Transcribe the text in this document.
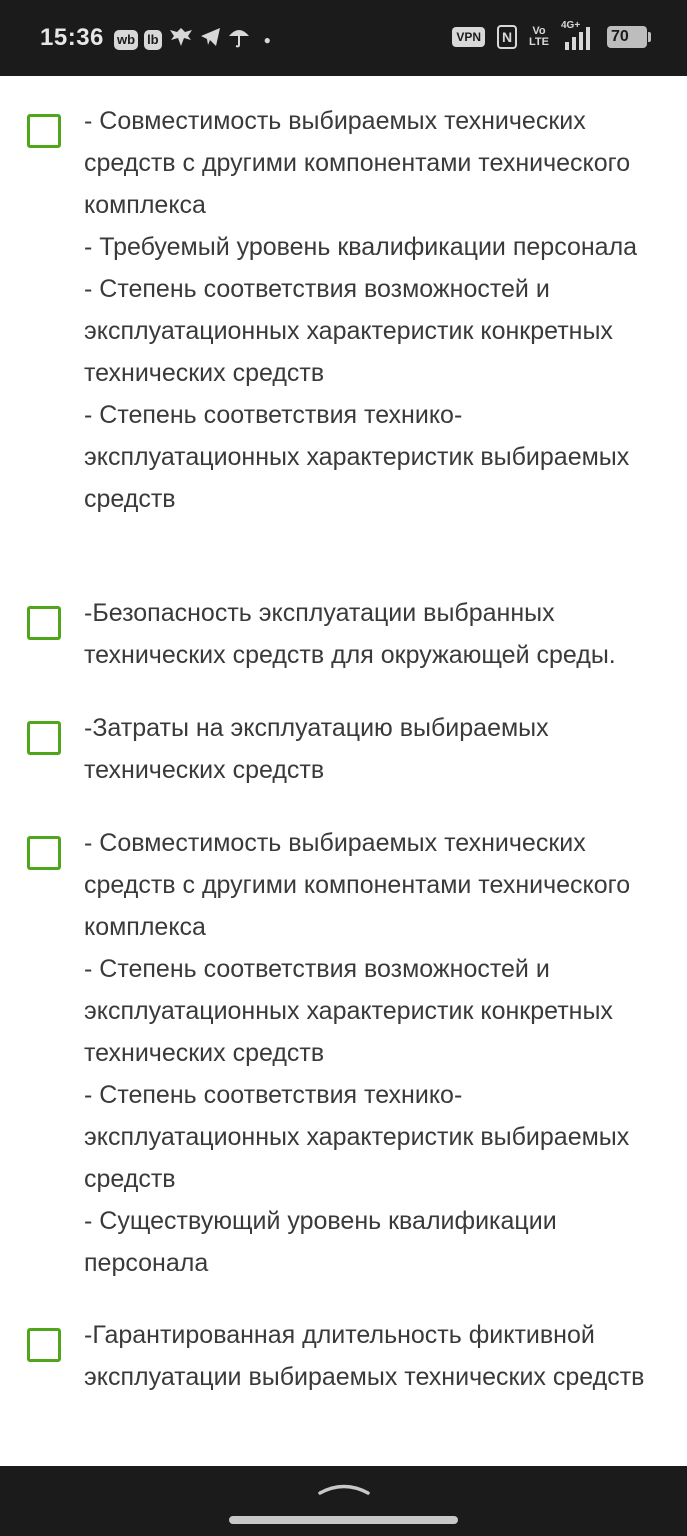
15:36 wb lb	●	VPN	N	Vo
LTE
4G+
70
- Совместимость выбираемых технических средств с другими компонентами технического комплекса
- Требуемый уровень квалификации персонала
- Степень соответствия возможностей и эксплуатационных характеристик конкретных технических средств
- Степень соответствия технико-эксплуатационных характеристик выбираемых средств
-Безопасность эксплуатации выбранных технических средств для окружающей среды.
-Затраты на эксплуатацию выбираемых технических средств
- Совместимость выбираемых технических средств с другими компонентами технического комплекса
- Степень соответствия возможностей и эксплуатационных характеристик конкретных технических средств
- Степень соответствия технико-эксплуатационных характеристик выбираемых средств
- Существующий уровень квалификации персонала
-Гарантированная длительность фиктивной эксплуатации выбираемых технических средств
